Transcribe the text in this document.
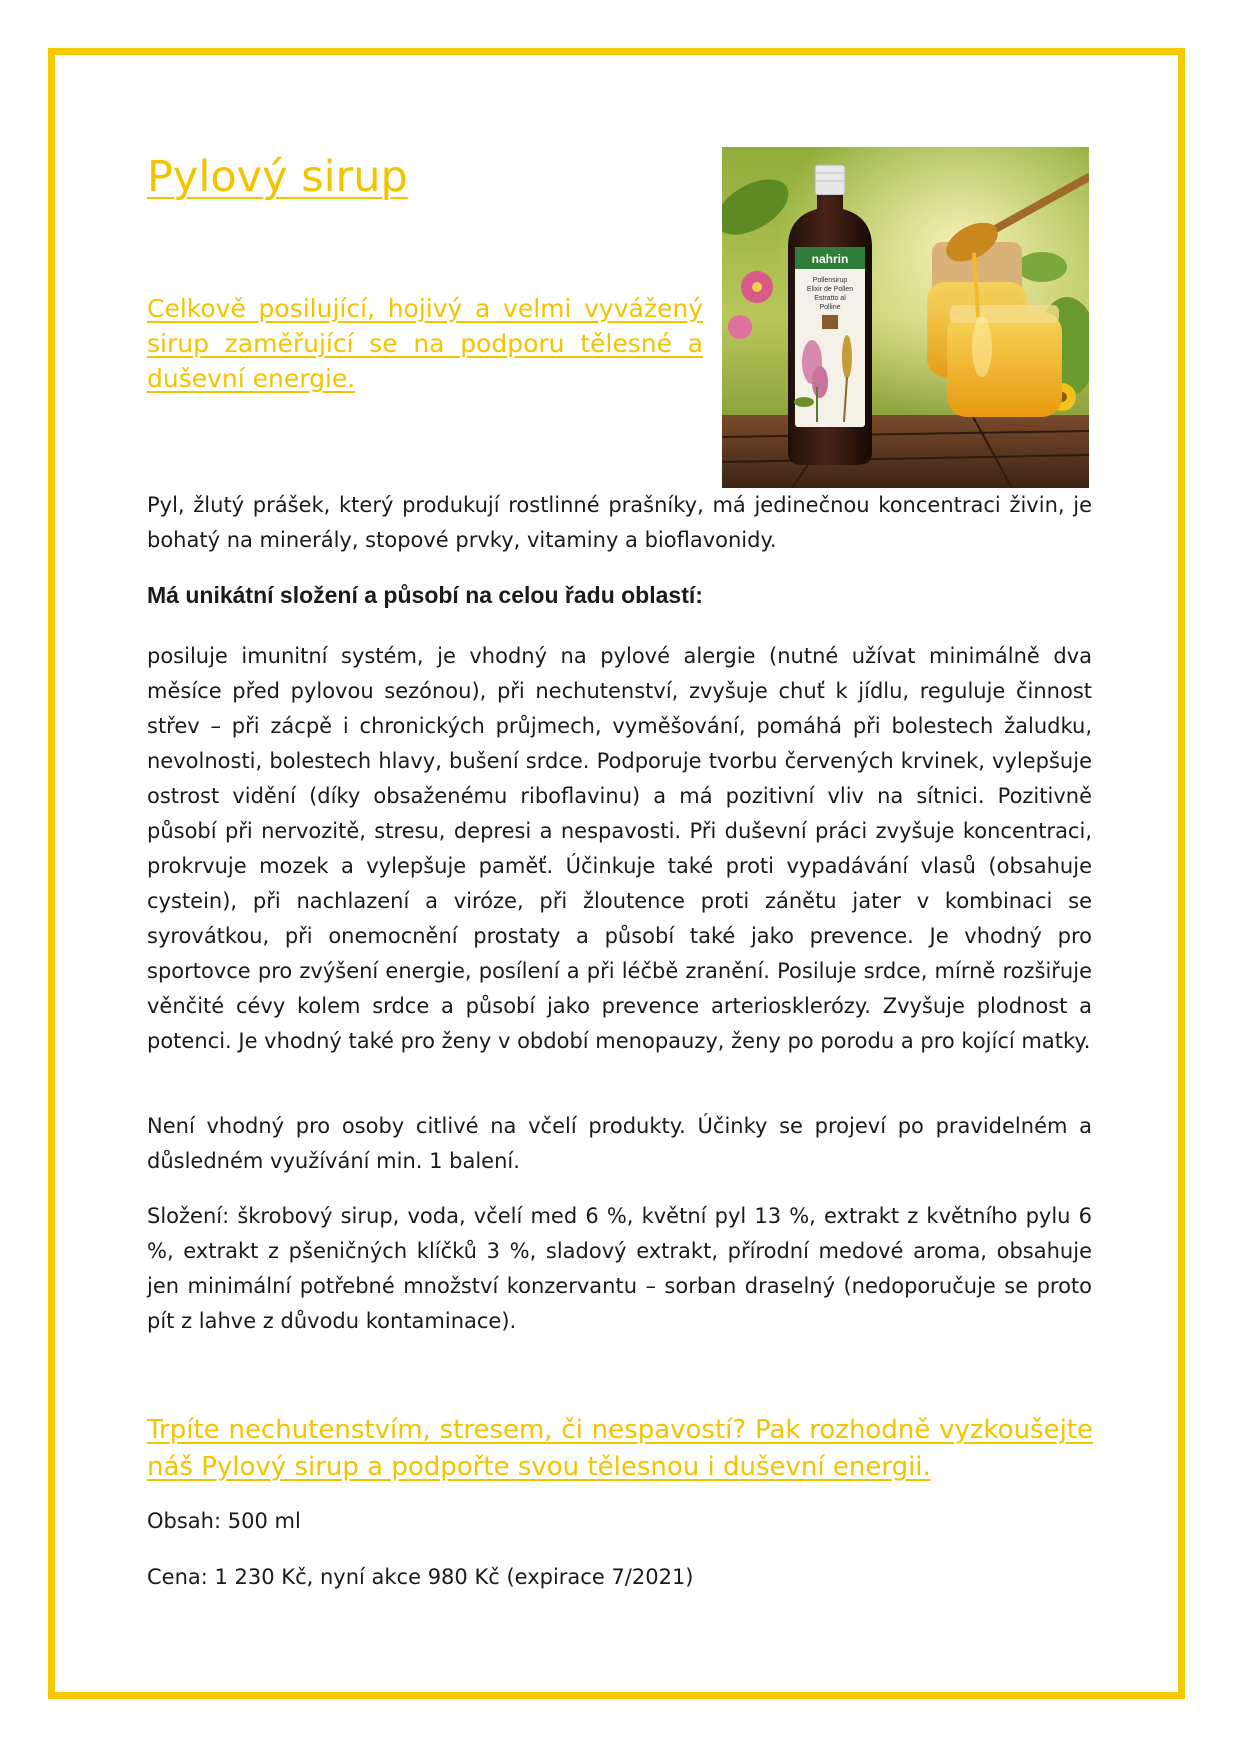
Pylový sirup

Celkově posilující, hojivý a velmi vyvážený sirup zaměřující se na podporu tělesné a duševní energie.

nahrin
Pollensirup
Elixir de Pollen
Estratto al
Polline

Pyl, žlutý prášek, který produkují rostlinné prašníky, má jedinečnou koncentraci živin, je bohatý na minerály, stopové prvky, vitaminy a bioflavonidy.

Má unikátní složení a působí na celou řadu oblastí:

posiluje imunitní systém, je vhodný na pylové alergie (nutné užívat minimálně dva měsíce před pylovou sezónou), při nechutenství, zvyšuje chuť k jídlu, reguluje činnost střev – při zácpě i chronických průjmech, vyměšování, pomáhá při bolestech žaludku, nevolnosti, bolestech hlavy, bušení srdce. Podporuje tvorbu červených krvinek, vylepšuje ostrost vidění (díky obsaženému riboflavinu) a má pozitivní vliv na sítnici. Pozitivně působí při nervozitě, stresu, depresi a nespavosti. Při duševní práci zvyšuje koncentraci, prokrvuje mozek a vylepšuje paměť. Účinkuje také proti vypadávání vlasů (obsahuje cystein), při nachlazení a viróze, při žloutence proti zánětu jater v kombinaci se syrovátkou, při onemocnění prostaty a působí také jako prevence. Je vhodný pro sportovce pro zvýšení energie, posílení a při léčbě zranění. Posiluje srdce, mírně rozšiřuje věnčité cévy kolem srdce a působí jako prevence arteriosklerózy. Zvyšuje plodnost a potenci. Je vhodný také pro ženy v období menopauzy, ženy po porodu a pro kojící matky.

Není vhodný pro osoby citlivé na včelí produkty. Účinky se projeví po pravidelném a důsledném využívání min. 1 balení.

Složení: škrobový sirup, voda, včelí med 6 %, květní pyl 13 %, extrakt z květního pylu 6 %, extrakt z pšeničných klíčků 3 %, sladový extrakt, přírodní medové aroma, obsahuje jen minimální potřebné množství konzervantu – sorban draselný (nedoporučuje se proto pít z lahve z důvodu kontaminace).

Trpíte nechutenstvím, stresem, či nespavostí? Pak rozhodně vyzkoušejte náš Pylový sirup a podpořte svou tělesnou i duševní energii.

Obsah: 500 ml

Cena: 1 230 Kč, nyní akce 980 Kč (expirace 7/2021)
